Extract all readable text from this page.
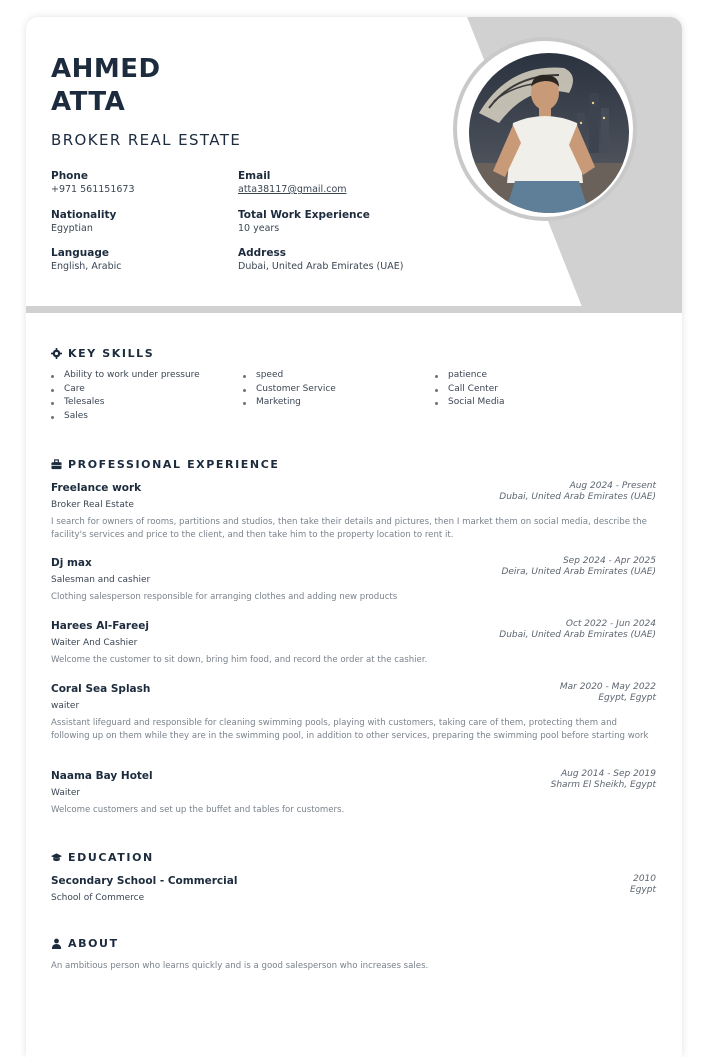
AHMED
ATTA
BROKER REAL ESTATE
Phone
+971 561151673
Email
atta38117@gmail.com
Nationality
Egyptian
Total Work Experience
10 years
Language
English, Arabic
Address
Dubai, United Arab Emirates (UAE)
KEY SKILLS
Ability to work under pressure
Care
Telesales
Sales
speed
Customer Service
Marketing
patience
Call Center
Social Media
PROFESSIONAL EXPERIENCE
Freelance work
Broker Real Estate
I search for owners of rooms, partitions and studios, then take their details and pictures, then I market them on social media, describe the facility's services and price to the client, and then take him to the property location to rent it.
Aug 2024 - Present
Dubai, United Arab Emirates (UAE)
Dj max
Salesman and cashier
Clothing salesperson responsible for arranging clothes and adding new products
Sep 2024 - Apr 2025
Deira, United Arab Emirates (UAE)
Harees Al-Fareej
Waiter And Cashier
Welcome the customer to sit down, bring him food, and record the order at the cashier.
Oct 2022 - Jun 2024
Dubai, United Arab Emirates (UAE)
Coral Sea Splash
waiter
Assistant lifeguard and responsible for cleaning swimming pools, playing with customers, taking care of them, protecting them and following up on them while they are in the swimming pool, in addition to other services, preparing the swimming pool before starting work
Mar 2020 - May 2022
Egypt, Egypt
Naama Bay Hotel
Waiter
Welcome customers and set up the buffet and tables for customers.
Aug 2014 - Sep 2019
Sharm El Sheikh, Egypt
EDUCATION
Secondary School - Commercial
School of Commerce
2010
Egypt
ABOUT
An ambitious person who learns quickly and is a good salesperson who increases sales.
